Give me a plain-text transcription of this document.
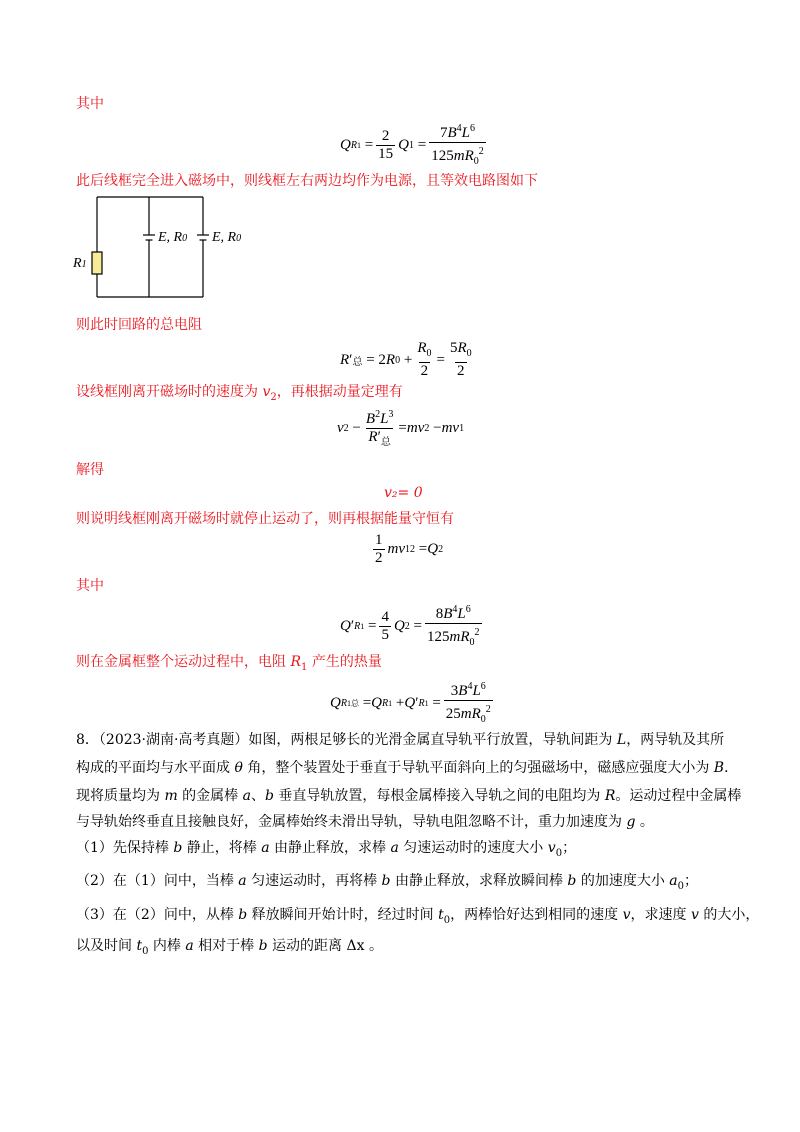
其中
Q R $1 = \frac{2}{15}$ Q $1 = \frac{7B^4L^6}{125mR_0^2}$
此后线框完全进入磁场中，则线框左右两边均作为电源，且等效电路图如下
R 1
E, R 0 E, R 0
则此时回路的总电阻
R ′ 总 = 2 R $0 + \frac{R_0}{2} = \frac{5R_0}{2}$
设线框刚离开磁场时的速度为 $v_2$，再根据动量定理有
v $2 - \frac{B^2L^3}{R'_总}$ = mv 2 − mv 1
解得
v₂= 0
则说明线框刚离开磁场时就停止运动了，则再根据能量守恒有
$\frac{1}{2}$ mv 1 2 = Q 2
其中
Q ′ R $1 = \frac{4}{5}$ Q $2 = \frac{8B^4L^6}{125mR_0^2}$
则在金属框整个运动过程中，电阻 $R_1$ 产生的热量
Q R 1总 = Q R 1 + Q ′ R $1 = \frac{3B^4L^6}{25mR_0^2}$
8．（2023·湖南·高考真题）如图，两根足够长的光滑金属直导轨平行放置，导轨间距为 L，两导轨及其所
构成的平面均与水平面成 θ 角，整个装置处于垂直于导轨平面斜向上的匀强磁场中，磁感应强度大小为 B．
现将质量均为 m 的金属棒 a、b 垂直导轨放置，每根金属棒接入导轨之间的电阻均为 R。运动过程中金属棒
与导轨始终垂直且接触良好，金属棒始终未滑出导轨，导轨电阻忽略不计，重力加速度为 g 。
（1）先保持棒 b 静止，将棒 a 由静止释放，求棒 a 匀速运动时的速度大小 $v_0$；
（2）在（1）问中，当棒 a 匀速运动时，再将棒 b 由静止释放，求释放瞬间棒 b 的加速度大小 $a_0$；
（3）在（2）问中，从棒 b 释放瞬间开始计时，经过时间 $t_0$，两棒恰好达到相同的速度 v，求速度 v 的大小，
以及时间 $t_0$ 内棒 a 相对于棒 b 运动的距离 Δx 。
